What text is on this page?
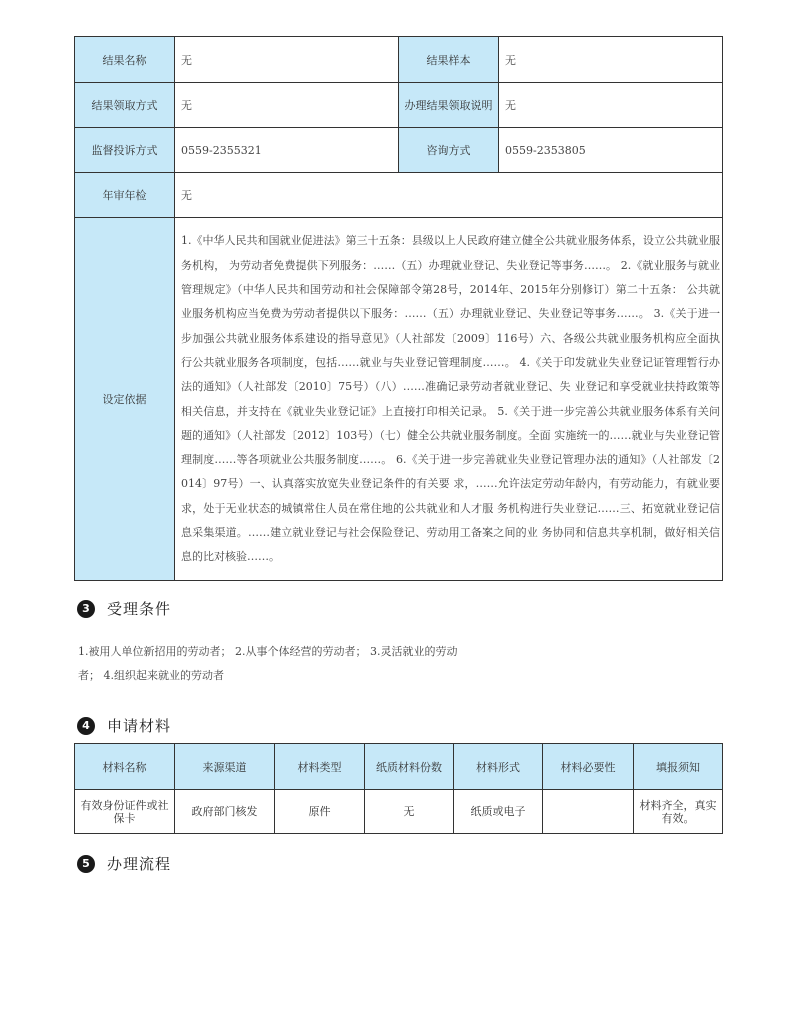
结果名称	无	结果样本	无
结果领取方式	无	办理结果领取说明	无
监督投诉方式	0559-2355321	咨询方式	0559-2353805
年审年检	无		
设定依据	1.《中华人民共和国就业促进法》第三十五条：县级以上人民政府建立健全公共就业服务体系，设立公共就业服务机构， 为劳动者免费提供下列服务：……（五）办理就业登记、失业登记等事务……。 2.《就业服务与就业管理规定》（中华人民共和国劳动和社会保障部令第28号，2014年、2015年分别修订）第二十五条： 公共就业服务机构应当免费为劳动者提供以下服务：……（五）办理就业登记、失业登记等事务……。 3.《关于进一步加强公共就业服务体系建设的指导意见》（人社部发〔2009〕116号）六、各级公共就业服务机构应全面执 行公共就业服务各项制度，包括……就业与失业登记管理制度……。 4.《关于印发就业失业登记证管理暂行办法的通知》（人社部发〔2010〕75号）（八）……准确记录劳动者就业登记、失 业登记和享受就业扶持政策等相关信息，并支持在《就业失业登记证》上直接打印相关记录。 5.《关于进一步完善公共就业服务体系有关问题的通知》（人社部发〔2012〕103号）（七）健全公共就业服务制度。全面 实施统一的……就业与失业登记管理制度……等各项就业公共服务制度……。 6.《关于进一步完善就业失业登记管理办法的通知》（人社部发〔2014〕97号）一、认真落实放宽失业登记条件的有关要 求，……允许法定劳动年龄内，有劳动能力，有就业要求，处于无业状态的城镇常住人员在常住地的公共就业和人才服 务机构进行失业登记……三、拓宽就业登记信息采集渠道。……建立就业登记与社会保险登记、劳动用工备案之间的业 务协同和信息共享机制，做好相关信息的比对核验……。		
3	受理条件
1.被用人单位新招用的劳动者； 2.从事个体经营的劳动者； 3.灵活就业的劳动者； 4.组织起来就业的劳动者
4	申请材料
材料名称	来源渠道	材料类型	纸质材料份数	材料形式	材料必要性	填报须知
有效身份证件或社保卡	政府部门核发	原件	无	纸质或电子		材料齐全，真实有效。
5	办理流程
